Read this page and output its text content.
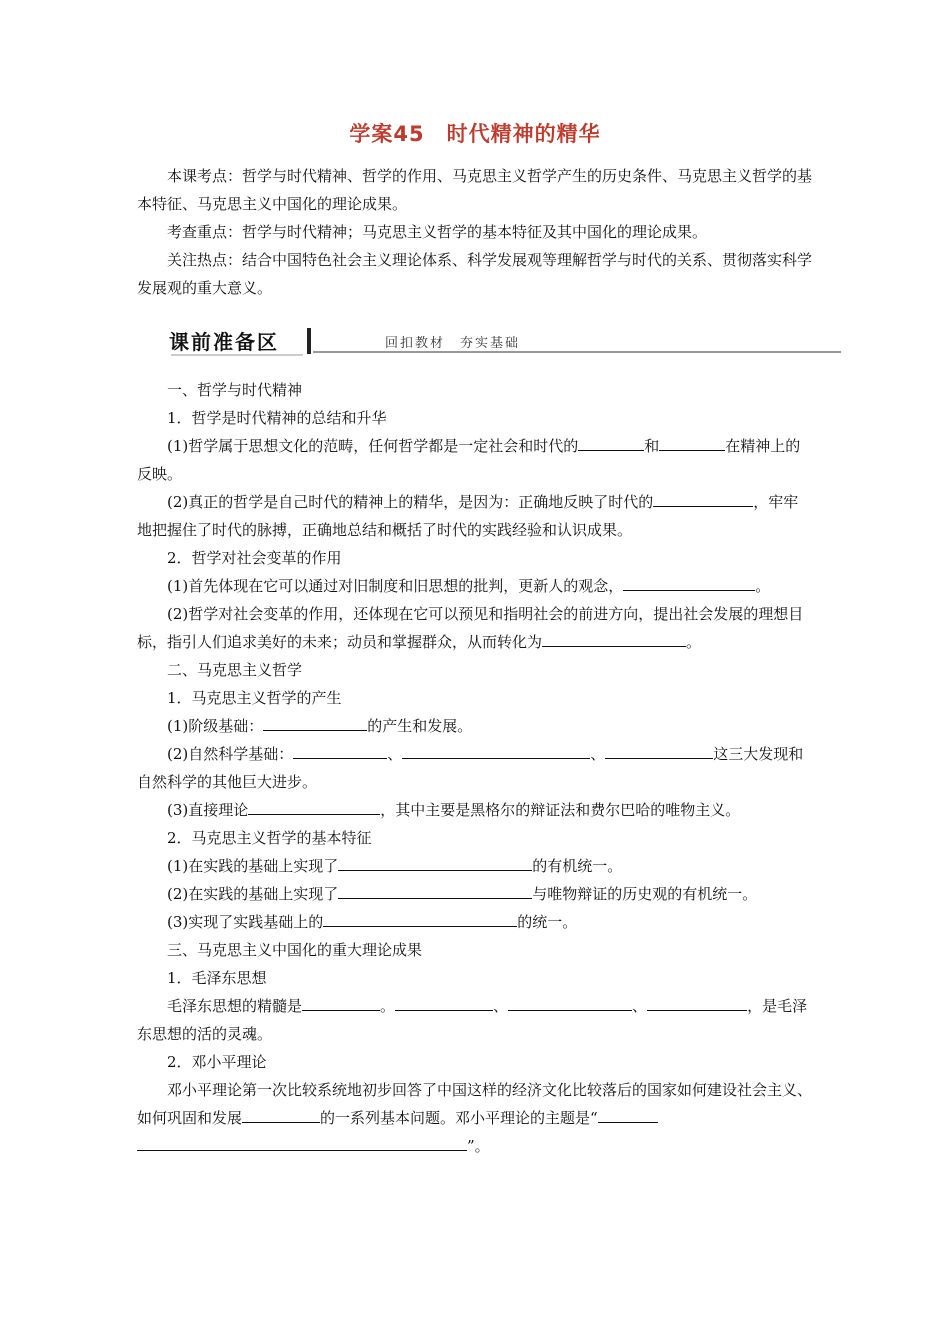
学案45　时代精神的精华

本课考点：哲学与时代精神、哲学的作用、马克思主义哲学产生的历史条件、马克思主义哲学的基本特征、马克思主义中国化的理论成果。

考查重点：哲学与时代精神；马克思主义哲学的基本特征及其中国化的理论成果。

关注热点：结合中国特色社会主义理论体系、科学发展观等理解哲学与时代的关系、贯彻落实科学发展观的重大意义。

课前准备区	回扣教材　夯实基础

一、哲学与时代精神

1．哲学是时代精神的总结和升华

(1)哲学属于思想文化的范畴，任何哲学都是一定社会和时代的	和	在精神上的反映。

(2)真正的哲学是自己时代的精神上的精华，是因为：正确地反映了时代的	，牢牢地把握住了时代的脉搏，正确地总结和概括了时代的实践经验和认识成果。

2．哲学对社会变革的作用

(1)首先体现在它可以通过对旧制度和旧思想的批判，更新人的观念，	。

(2)哲学对社会变革的作用，还体现在它可以预见和指明社会的前进方向，提出社会发展的理想目标，指引人们追求美好的未来；动员和掌握群众，从而转化为	。

二、马克思主义哲学

1．马克思主义哲学的产生

(1)阶级基础：	的产生和发展。

(2)自然科学基础：	、	、	这三大发现和自然科学的其他巨大进步。

(3)直接理论	，其中主要是黑格尔的辩证法和费尔巴哈的唯物主义。

2．马克思主义哲学的基本特征

(1)在实践的基础上实现了	的有机统一。

(2)在实践的基础上实现了	与唯物辩证的历史观的有机统一。

(3)实现了实践基础上的	的统一。

三、马克思主义中国化的重大理论成果

1．毛泽东思想

毛泽东思想的精髓是	。	、	、	，是毛泽东思想的活的灵魂。

2．邓小平理论

邓小平理论第一次比较系统地初步回答了中国这样的经济文化比较落后的国家如何建设社会主义、如何巩固和发展	的一系列基本问题。邓小平理论的主题是“”。
